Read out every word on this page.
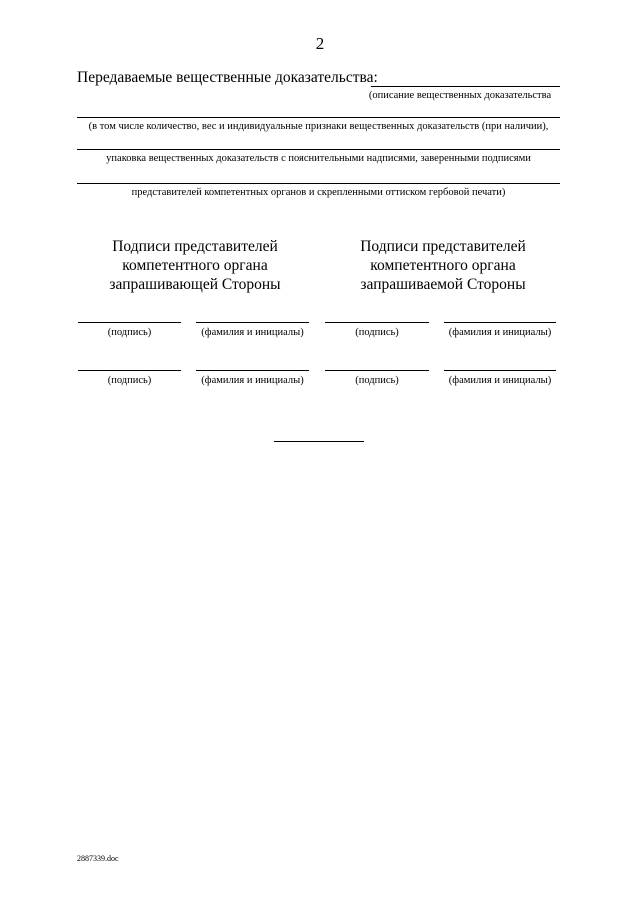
2
Передаваемые вещественные доказательства:
(описание вещественных доказательства
(в том числе количество, вес и индивидуальные признаки вещественных доказательств (при наличии),
упаковка вещественных доказательств с пояснительными надписями, заверенными подписями
представителей компетентных органов и скрепленными оттиском гербовой печати)
Подписи представителей
компетентного органа
запрашивающей Стороны
Подписи представителей
компетентного органа
запрашиваемой Стороны
(подпись)	(фамилия и инициалы)	(подпись)	(фамилия и инициалы)
(подпись)	(фамилия и инициалы)	(подпись)	(фамилия и инициалы)
2887339.doc
